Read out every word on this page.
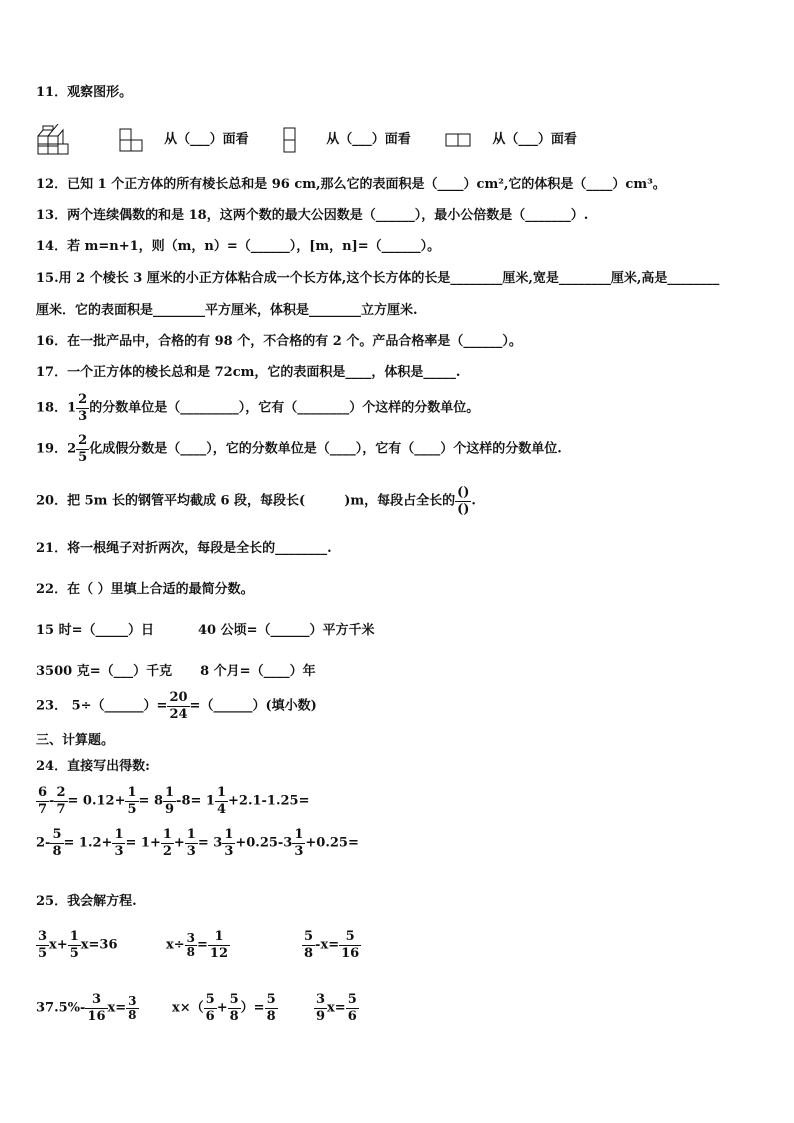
11．观察图形。
从（___）面看	从（___）面看	从（___）面看
12．已知 1 个正方体的所有棱长总和是 96 cm,那么它的表面积是（____）cm²,它的体积是（____）cm³。
13．两个连续偶数的和是 18，这两个数的最大公因数是（______），最小公倍数是（_______）.
14．若 m=n+1，则（m，n）=（______），[m，n]=（______）。
15.用 2 个棱长 3 厘米的小正方体粘合成一个长方体,这个长方体的长是________厘米,宽是________厘米,高是________
厘米．它的表面积是________平方厘米，体积是________立方厘米.
16．在一批产品中，合格的有 98 个，不合格的有 2 个。产品合格率是（______）。
17．一个正方体的棱长总和是 72cm，它的表面积是____，体积是_____.
18．$1 \frac{2}{3}$ 的分数单位是（_________），它有（________）个这样的分数单位。
19．$2 \frac{2}{5}$ 化成假分数是（____），它的分数单位是（____），它有（____）个这样的分数单位.
20．把 5m 长的钢管平均截成 6 段，每段长(　　　)m，每段占全长的 $\frac{()}{()}$ .
21．将一根绳子对折两次，每段是全长的________.
22．在（ ）里填上合适的最简分数。
15 时=（_____）日	40 公顷=（______）平方千米
3500 克=（___）千克 8 个月=（____）年
23． 5÷（______）= $\frac{20}{24}$ =（______）(填小数)
三、计算题。
24．直接写出得数:
$\frac{6}{7} - \frac{2}{7} = 0.12+ \frac{1}{5} = 8 \frac{1}{9} -8= 1 \frac{1}{4} +2.1-1.25=$
$2- \frac{5}{8} = 1.2+ \frac{1}{3} = 1+ \frac{1}{2} + \frac{1}{3} = 3 \frac{1}{3} +0.25-3 \frac{1}{3} +0.25=$
25．我会解方程.
$\frac{3}{5} x+ \frac{1}{5} x=36$	$x\div \frac{3}{8} = \frac{1}{12}$	$\frac{5}{8} -x= \frac{5}{16}$
$37.5\%- \frac{3}{16} x= \frac{3}{8}$	$x\times( \frac{5}{6} + \frac{5}{8}$ ）= $\frac{5}{8}$	$\frac{3}{9} x= \frac{5}{6}$
